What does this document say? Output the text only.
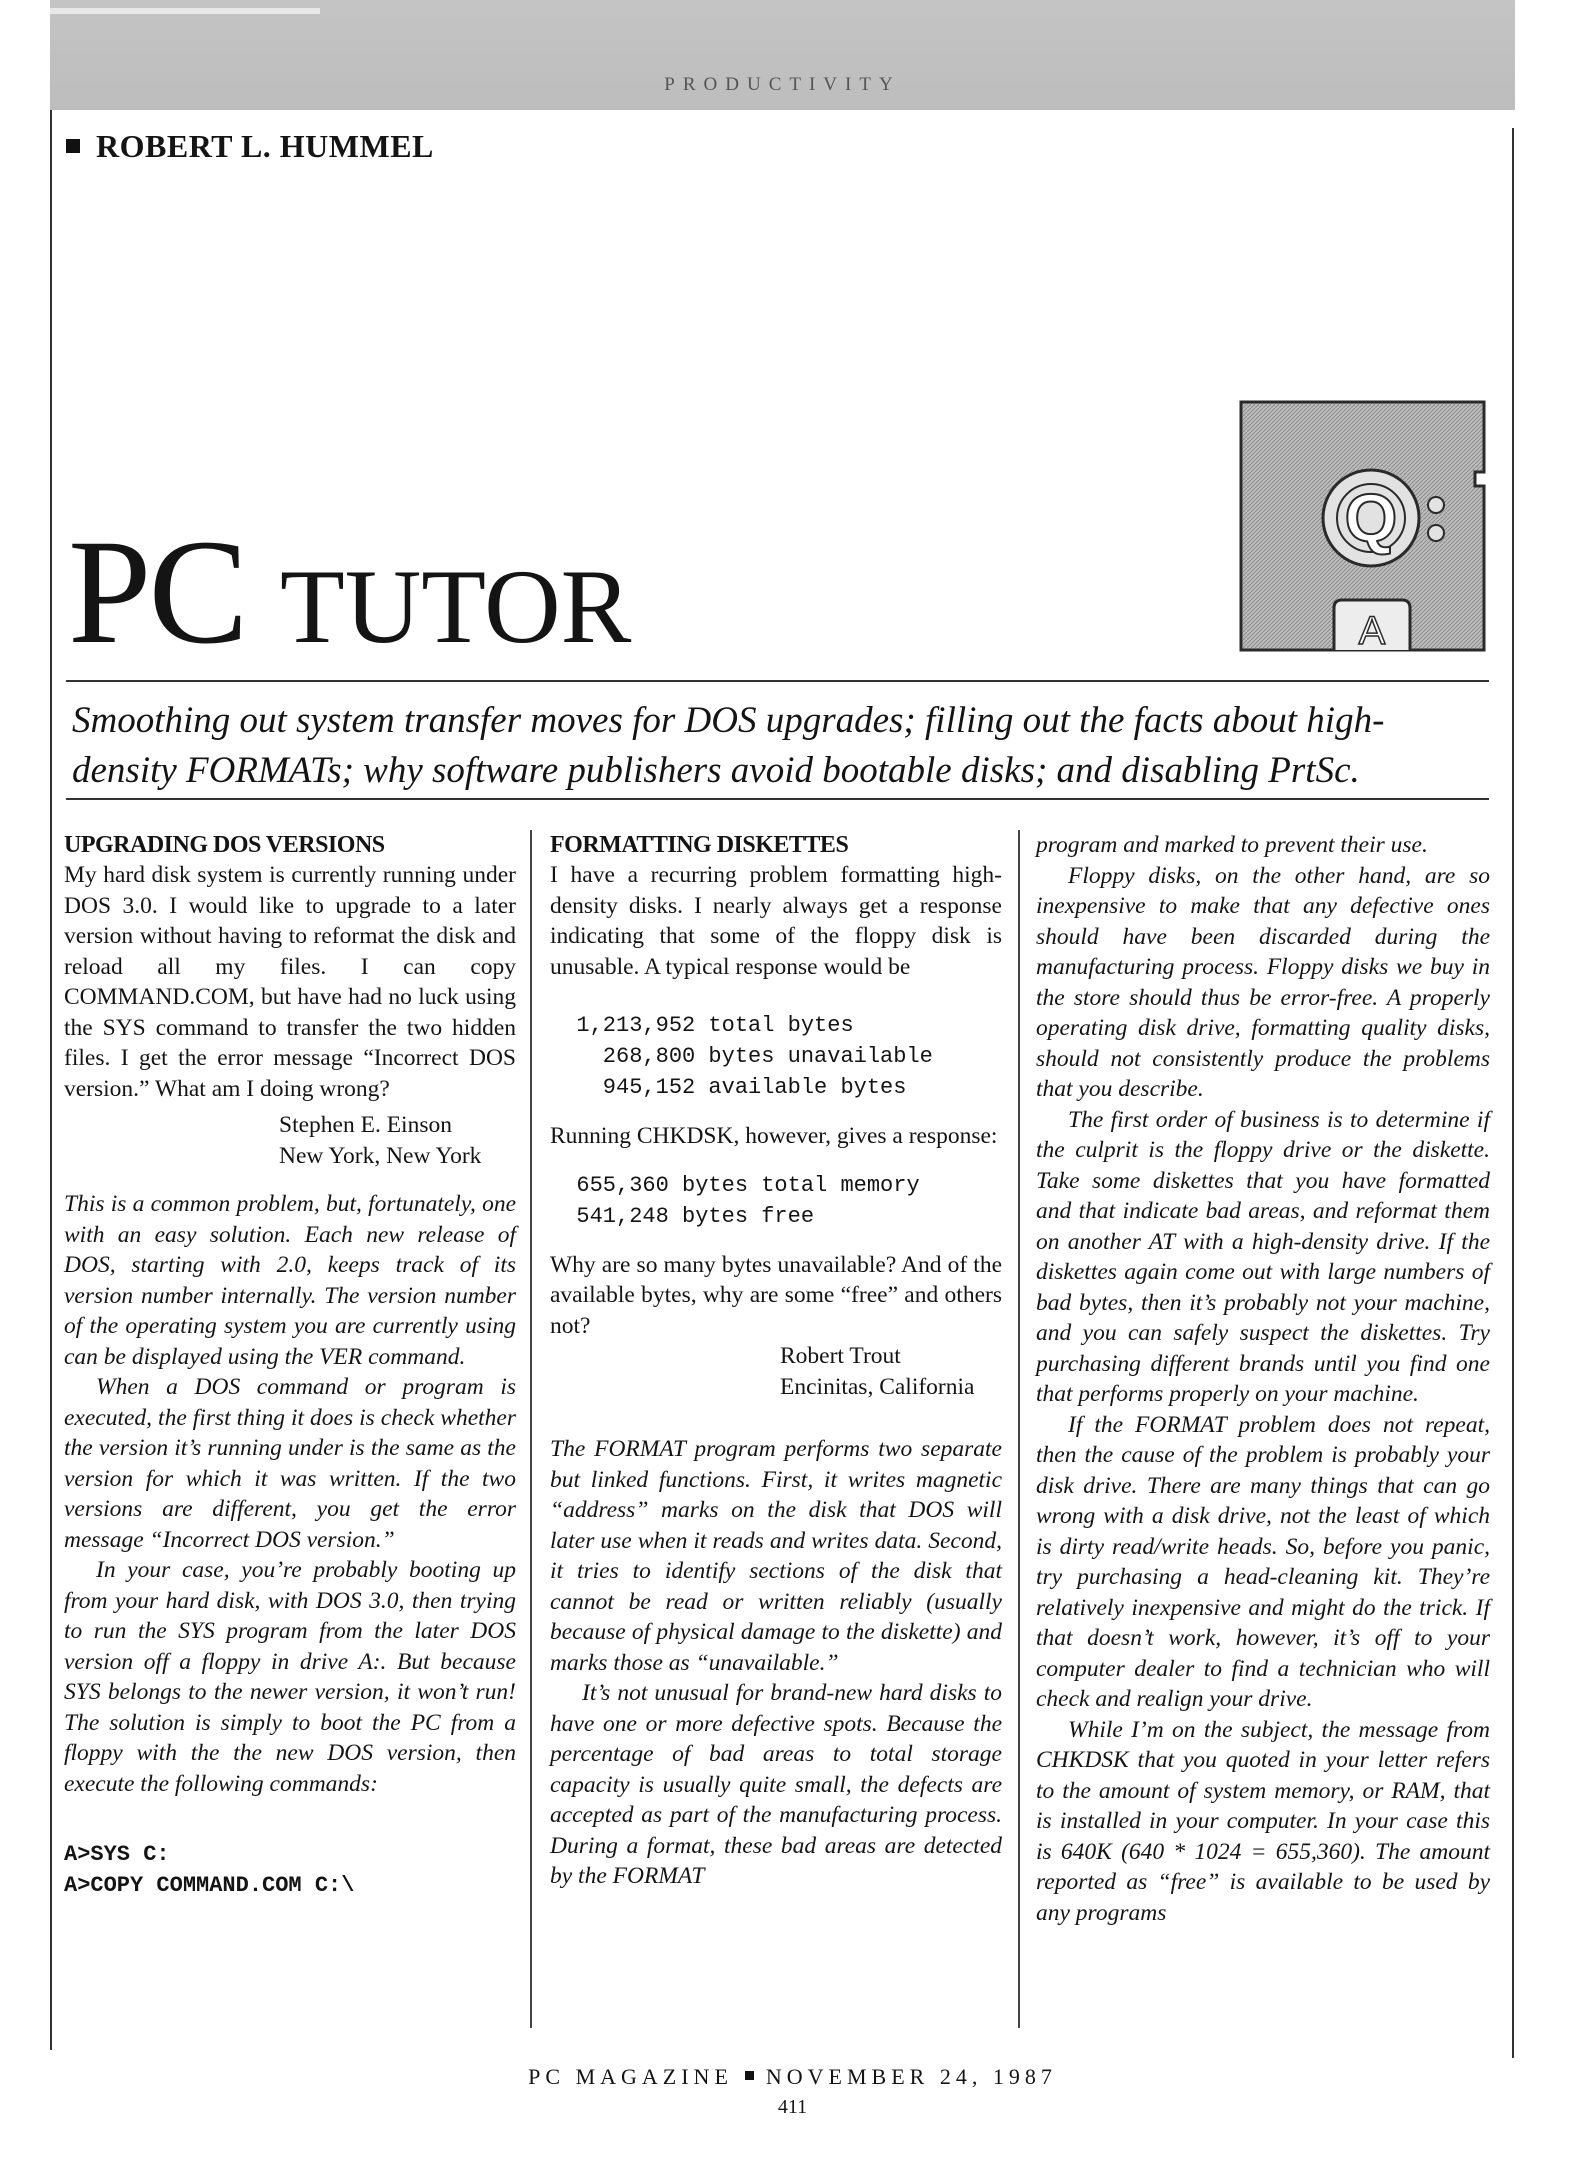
PRODUCTIVITY
ROBERT L. HUMMEL
PC TUTOR
Q
A
Smoothing out system transfer moves for DOS upgrades; filling out the facts about high-density FORMATs; why software publishers avoid bootable disks; and disabling PrtSc.
UPGRADING DOS VERSIONS

My hard disk system is currently running under DOS 3.0. I would like to upgrade to a later version without having to reformat the disk and reload all my files. I can copy COMMAND.COM, but have had no luck using the SYS command to transfer the two hidden files. I get the error message “Incorrect DOS version.” What am I doing wrong?

Stephen E. Einson

New York, New York

This is a common problem, but, fortunately, one with an easy solution. Each new release of DOS, starting with 2.0, keeps track of its version number internally. The version number of the operating system you are currently using can be displayed using the VER command.

When a DOS command or program is executed, the first thing it does is check whether the version it’s running under is the same as the version for which it was written. If the two versions are different, you get the error message “Incorrect DOS version.”

In your case, you’re probably booting up from your hard disk, with DOS 3.0, then trying to run the SYS program from the later DOS version off a floppy in drive A:. But because SYS belongs to the newer version, it won’t run! The solution is simply to boot the PC from a floppy with the the new DOS version, then execute the following commands:

A>SYS C:
A>COPY COMMAND.COM C:\
FORMATTING DISKETTES

I have a recurring problem formatting high-density disks. I nearly always get a response indicating that some of the floppy disk is unusable. A typical response would be

1,213,952 total bytes
268,800 bytes unavailable
945,152 available bytes

Running CHKDSK, however, gives a response:

655,360 bytes total memory
541,248 bytes free

Why are so many bytes unavailable? And of the available bytes, why are some “free” and others not?

Robert Trout

Encinitas, California

The FORMAT program performs two separate but linked functions. First, it writes magnetic “address” marks on the disk that DOS will later use when it reads and writes data. Second, it tries to identify sections of the disk that cannot be read or written reliably (usually because of physical damage to the diskette) and marks those as “unavailable.”

It’s not unusual for brand-new hard disks to have one or more defective spots. Because the percentage of bad areas to total storage capacity is usually quite small, the defects are accepted as part of the manufacturing process. During a format, these bad areas are detected by the FORMAT

program and marked to prevent their use.

Floppy disks, on the other hand, are so inexpensive to make that any defective ones should have been discarded during the manufacturing process. Floppy disks we buy in the store should thus be error-free. A properly operating disk drive, formatting quality disks, should not consistently produce the problems that you describe.

The first order of business is to determine if the culprit is the floppy drive or the diskette. Take some diskettes that you have formatted and that indicate bad areas, and reformat them on another AT with a high-density drive. If the diskettes again come out with large numbers of bad bytes, then it’s probably not your machine, and you can safely suspect the diskettes. Try purchasing different brands until you find one that performs properly on your machine.

If the FORMAT problem does not repeat, then the cause of the problem is probably your disk drive. There are many things that can go wrong with a disk drive, not the least of which is dirty read/write heads. So, before you panic, try purchasing a head-cleaning kit. They’re relatively inexpensive and might do the trick. If that doesn’t work, however, it’s off to your computer dealer to find a technician who will check and realign your drive.

While I’m on the subject, the message from CHKDSK that you quoted in your letter refers to the amount of system memory, or RAM, that is installed in your computer. In your case this is 640K (640 * 1024 = 655,360). The amount reported as “free” is available to be used by any programs

PC MAGAZINE NOVEMBER 24, 1987
411
